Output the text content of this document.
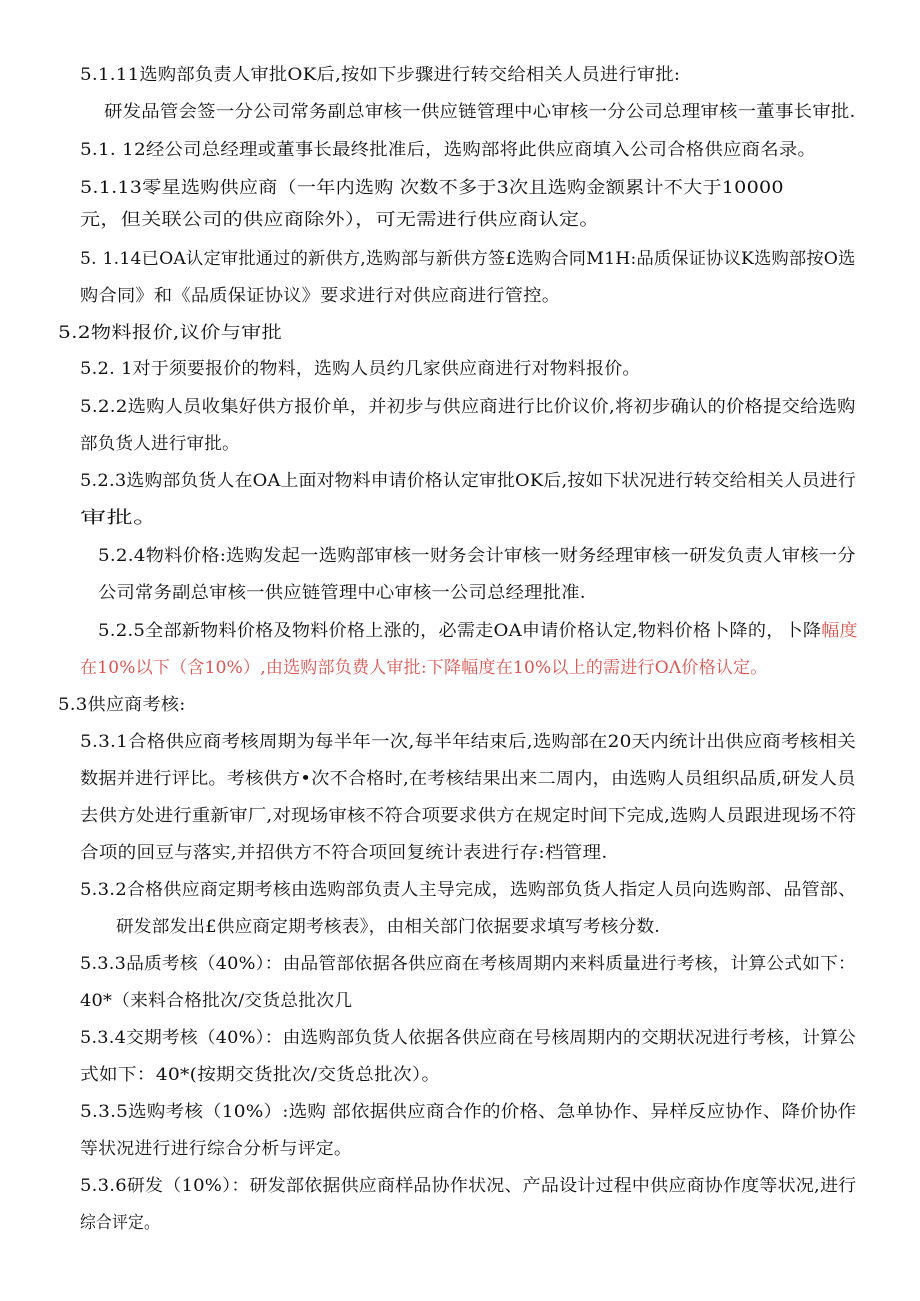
5.1.11选购部负责人审批OK后,按如下步骤进行转交给相关人员进行审批:
研发品管会签一分公司常务副总审核一供应链管理中心审核一分公司总理审核一董事长审批.
5.1. 12经公司总经理或董事长最终批准后，选购部将此供应商填入公司合格供应商名录。
5.1.13零星选购供应商（一年内选购 次数不多于3次且选购金额累计不大于10000
元，但关联公司的供应商除外），可无需进行供应商认定。
5. 1.14已OA认定审批通过的新供方,选购部与新供方签£选购合同M1H:品质保证协议K选购部按O选
购合同》和《品质保证协议》要求进行对供应商进行管控。
5.2物料报价,议价与审批
5.2. 1对于须要报价的物料，选购人员约几家供应商进行对物料报价。
5.2.2选购人员收集好供方报价单，并初步与供应商进行比价议价,将初步确认的价格提交给选购
部负货人进行审批。
5.2.3选购部负货人在OA上面对物料申请价格认定审批OK后,按如下状况进行转交给相关人员进行
审批。
5.2.4物料价格:选购发起一选购部审核一财务会计审核一财务经理审核一研发负责人审核一分
公司常务副总审核一供应链管理中心审核一公司总经理批准.
5.2.5全部新物料价格及物料价格上涨的，必需走OA申请价格认定,物料价格卜降的，卜降幅度
在10%以下（含10%）,由选购部负费人审批:下降幅度在10%以上的需进行OΛ价格认定。
5.3供应商考核:
5.3.1合格供应商考核周期为每半年一次,每半年结束后,选购部在20天内统计出供应商考核相关
数据并进行评比。考核供方•次不合格时,在考核结果出来二周内，由选购人员组织品质,研发人员
去供方处进行重新审厂,对现场审核不符合项要求供方在规定时间下完成,选购人员跟进现场不符
合项的回豆与落实,并招供方不符合项回复统计表进行存:档管理.
5.3.2合格供应商定期考核由选购部负责人主导完成，选购部负货人指定人员向选购部、品管部、
研发部发出£供应商定期考核表》，由相关部门依据要求填写考核分数.
5.3.3品质考核（40%）：由品管部依据各供应商在考核周期内来料质量进行考核，计算公式如下：
40*（来料合格批次/交货总批次几
5.3.4交期考核（40%）：由选购部负货人依据各供应商在号核周期内的交期状况进行考核，计算公
式如下：40*(按期交货批次/交货总批次）。
5.3.5选购考核（10%）:选购 部依据供应商合作的价格、急单协作、异样反应协作、降价协作
等状况进行进行综合分析与评定。
5.3.6研发（10%）：研发部依据供应商样品协作状况、产品设计过程中供应商协作度等状况,进行
综合评定。
